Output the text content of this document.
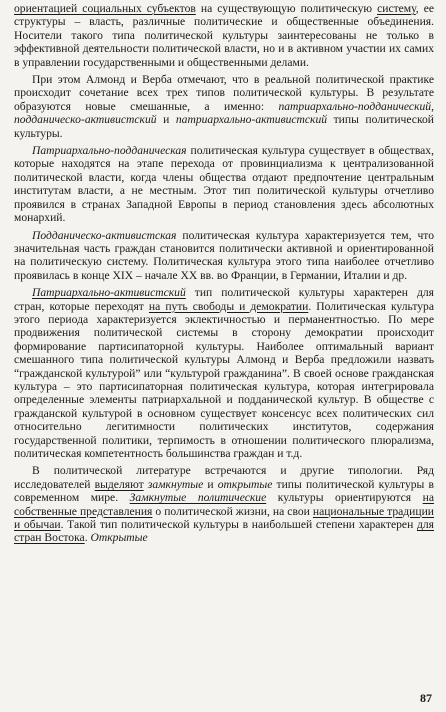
ориентацией социальных субъектов на существующую политическую систему, ее структуры – власть, различные политические и общественные объединения. Носители такого типа политической культуры заинтересованы не только в эффективной деятельности политической власти, но и в активном участии их самих в управлении государственными и общественными делами.

При этом Алмонд и Верба отмечают, что в реальной политической практике происходит сочетание всех трех типов политической культуры. В результате образуются новые смешанные, а именно: патриархально-подданический, подданическо-активистский и патриархально-активистский типы политической культуры.

Патриархально-подданическая политическая культура существует в обществах, которые находятся на этапе перехода от провинциализма к централизованной политической власти, когда члены общества отдают предпочтение центральным институтам власти, а не местным. Этот тип политической культуры отчетливо проявился в странах Западной Европы в период становления здесь абсолютных монархий.

Подданическо-активистская политическая культура характеризуется тем, что значительная часть граждан становится политически активной и ориентированной на политическую систему. Политическая культура этого типа наиболее отчетливо проявилась в конце XIX – начале XX вв. во Франции, в Германии, Италии и др.

Патриархально-активистский тип политической культуры характерен для стран, которые переходят на путь свободы и демократии. Политическая культура этого периода характеризуется эклектичностью и перманентностью. По мере продвижения политической системы в сторону демократии происходит формирование партисипаторной культуры. Наиболее оптимальный вариант смешанного типа политической культуры Алмонд и Верба предложили назвать “гражданской культурой” или “культурой гражданина”. В своей основе гражданская культура – это партисипаторная политическая культура, которая интегрировала определенные элементы патриархальной и подданической культур. В обществе с гражданской культурой в основном существует консенсус всех политических сил относительно легитимности политических институтов, содержания государственной политики, терпимость в отношении политического плюрализма, политическая компетентность большинства граждан и т.д.

В политической литературе встречаются и другие типологии. Ряд исследователей выделяют замкнутые и открытые типы политической культуры в современном мире. Замкнутые политические культуры ориентируются на собственные представления о политической жизни, на свои национальные традиции и обычаи. Такой тип политической культуры в наибольшей степени характерен для стран Востока. Открытые

87
